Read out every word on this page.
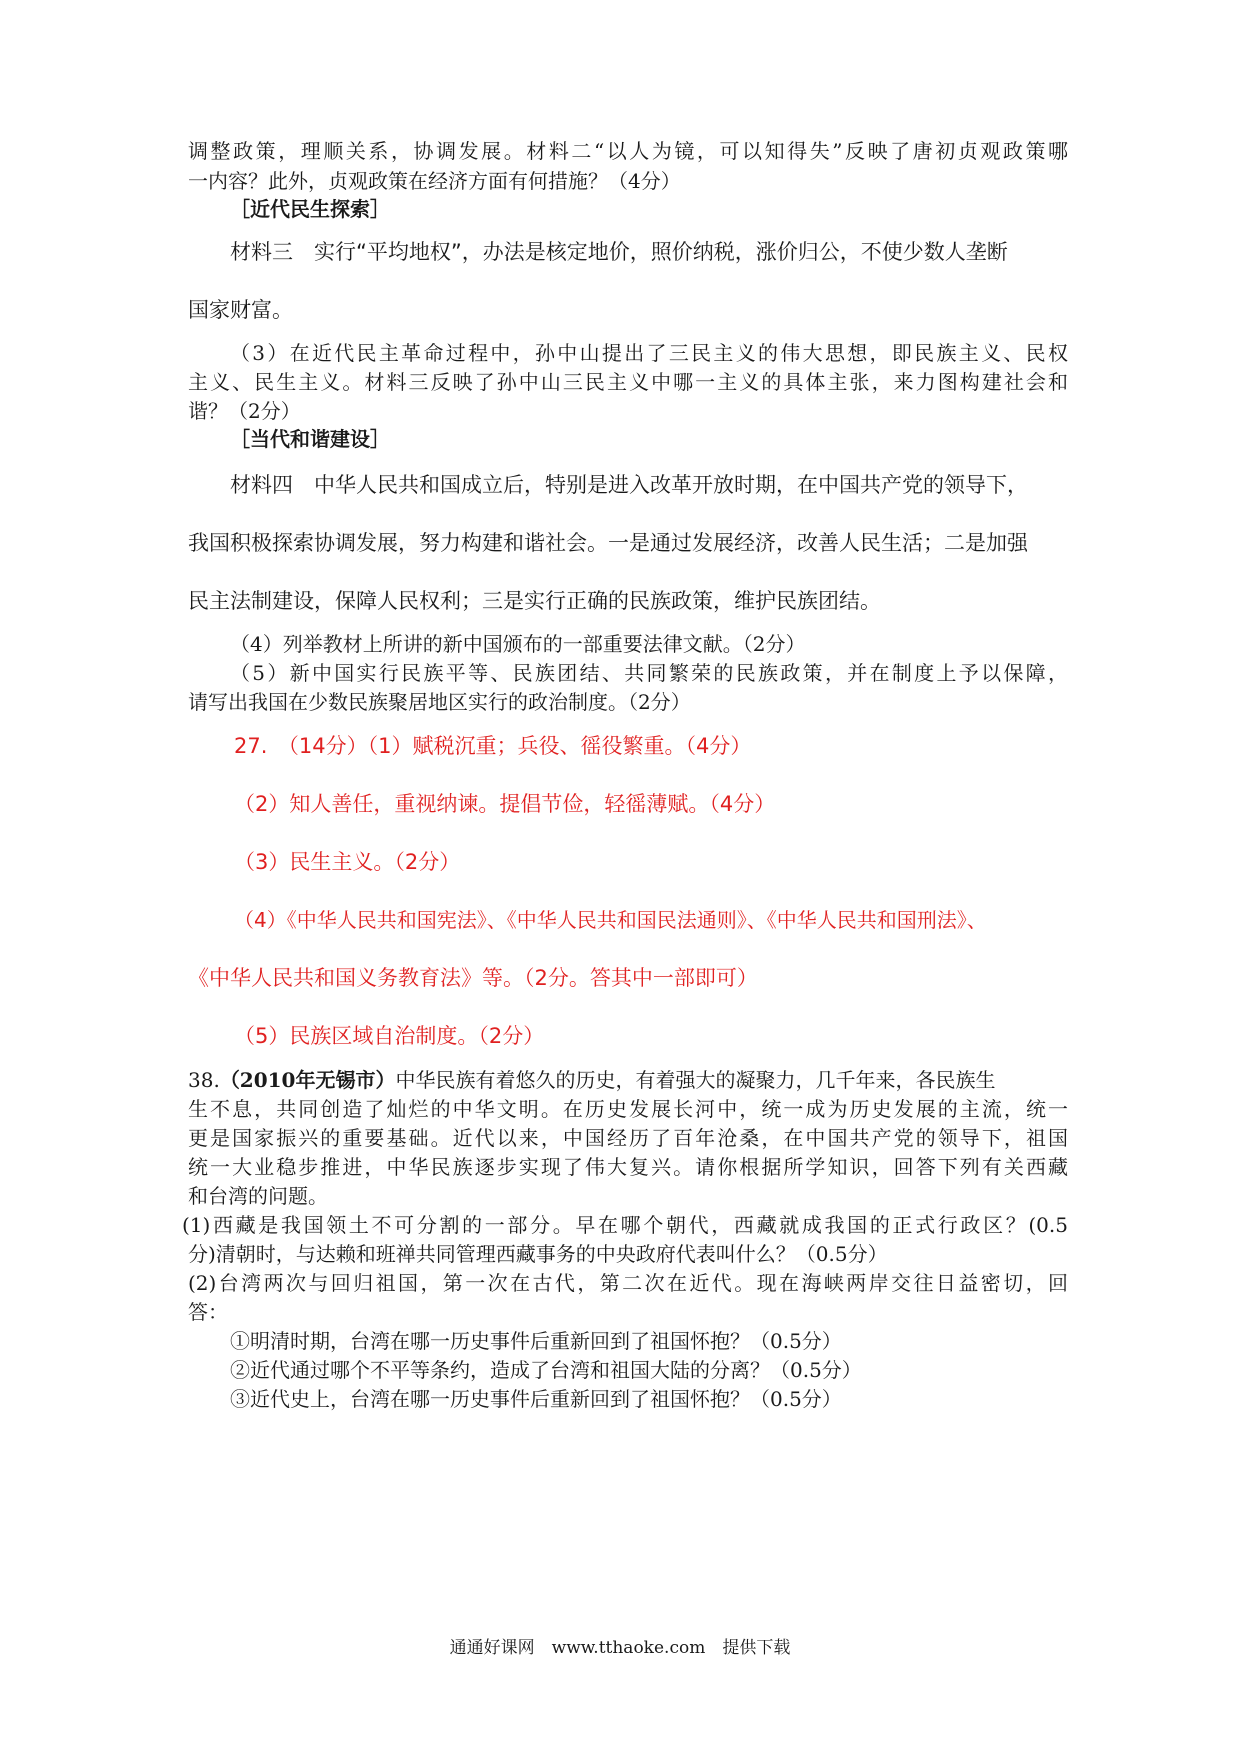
调整政策，理顺关系，协调发展。材料二“以人为镜，可以知得失”反映了唐初贞观政策哪
一内容？此外，贞观政策在经济方面有何措施？（4分）
［近代民生探索］
材料三　实行“平均地权”，办法是核定地价，照价纳税，涨价归公，不使少数人垄断
国家财富。
（3）在近代民主革命过程中，孙中山提出了三民主义的伟大思想，即民族主义、民权
主义、民生主义。材料三反映了孙中山三民主义中哪一主义的具体主张，来力图构建社会和
谐？（2分）
［当代和谐建设］
材料四　中华人民共和国成立后，特别是进入改革开放时期，在中国共产党的领导下，
我国积极探索协调发展，努力构建和谐社会。一是通过发展经济，改善人民生活；二是加强
民主法制建设，保障人民权利；三是实行正确的民族政策，维护民族团结。
（4）列举教材上所讲的新中国颁布的一部重要法律文献。（2分）
（5）新中国实行民族平等、民族团结、共同繁荣的民族政策，并在制度上予以保障，
请写出我国在少数民族聚居地区实行的政治制度。（2分）
27.　（14分）（1）赋税沉重；兵役、徭役繁重。（4分）
（2）知人善任，重视纳谏。提倡节俭，轻徭薄赋。（4分）
（3）民生主义。（2分）
（4）《中华人民共和国宪法》、《中华人民共和国民法通则》、《中华人民共和国刑法》、
《中华人民共和国义务教育法》等。（2分。答其中一部即可）
（5）民族区域自治制度。（2分）
38.（2010年无锡市）中华民族有着悠久的历史，有着强大的凝聚力，几千年来，各民族生
生不息，共同创造了灿烂的中华文明。在历史发展长河中，统一成为历史发展的主流，统一
更是国家振兴的重要基础。近代以来，中国经历了百年沧桑，在中国共产党的领导下，祖国
统一大业稳步推进，中华民族逐步实现了伟大复兴。请你根据所学知识，回答下列有关西藏
和台湾的问题。
(1)西藏是我国领土不可分割的一部分。早在哪个朝代，西藏就成我国的正式行政区？(0.5
分)清朝时，与达赖和班禅共同管理西藏事务的中央政府代表叫什么？（0.5分）
(2)台湾两次与回归祖国，第一次在古代，第二次在近代。现在海峡两岸交往日益密切，回
答：
①明清时期，台湾在哪一历史事件后重新回到了祖国怀抱？（0.5分）
②近代通过哪个不平等条约，造成了台湾和祖国大陆的分离？（0.5分）
③近代史上，台湾在哪一历史事件后重新回到了祖国怀抱？（0.5分）
通通好课网　www.tthaoke.com　提供下载
